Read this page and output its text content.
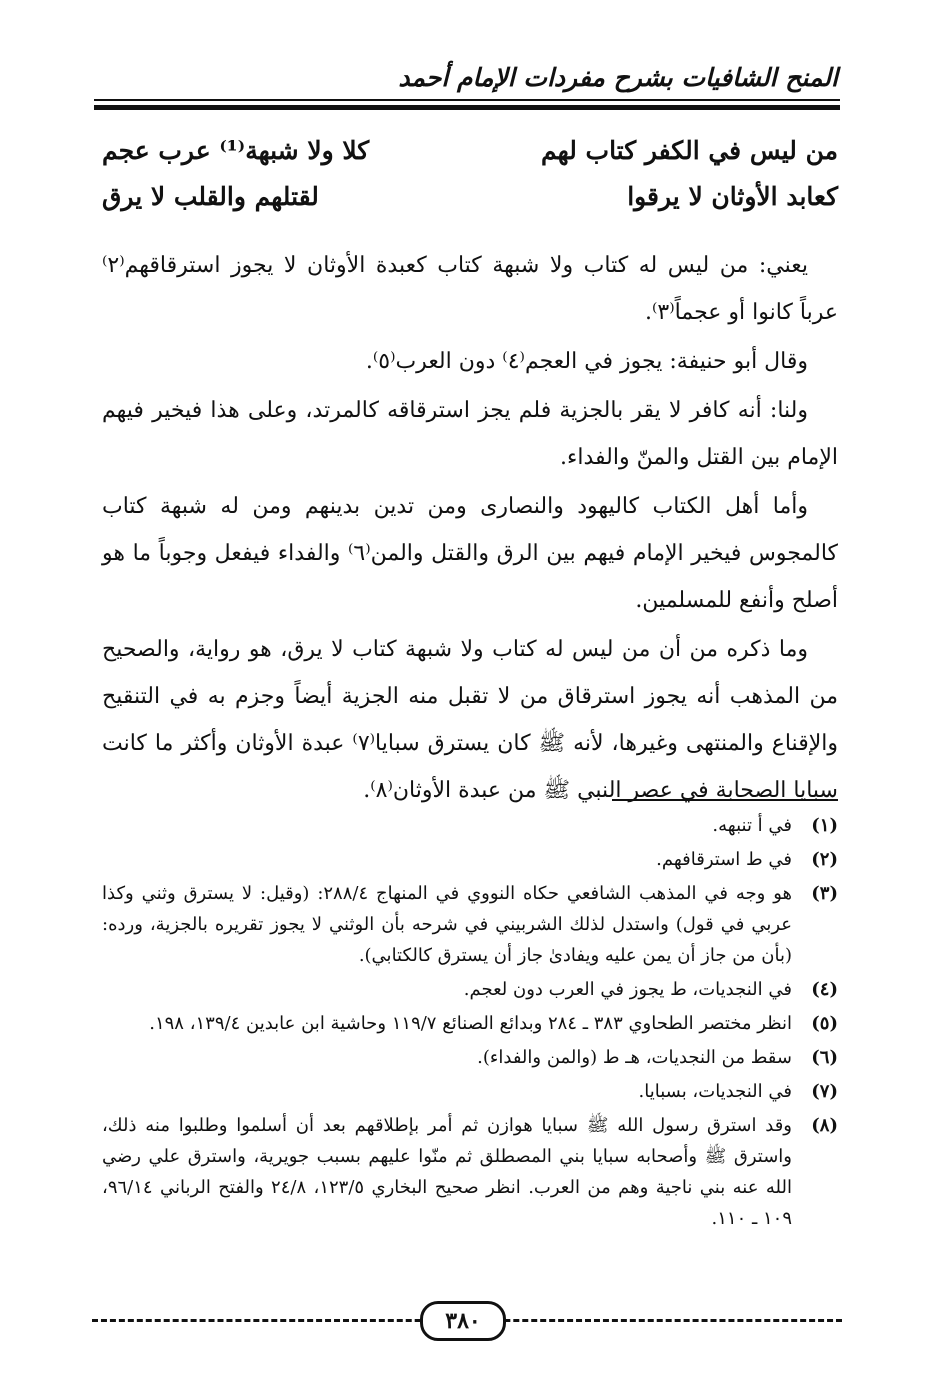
المنح الشافيات بشرح مفردات الإمام أحمد
من ليس في الكفر كتاب لهم
كلا ولا شبهة⁽¹⁾ عرب عجم
كعابد الأوثان لا يرقوا
لقتلهم والقلب لا يرق

يعني: من ليس له كتاب ولا شبهة كتاب كعبدة الأوثان لا يجوز استرقاقهم⁽٢⁾ عرباً كانوا أو عجماً⁽٣⁾.

وقال أبو حنيفة: يجوز في العجم⁽٤⁾ دون العرب⁽٥⁾.

ولنا: أنه كافر لا يقر بالجزية فلم يجز استرقاقه كالمرتد، وعلى هذا فيخير فيهم الإمام بين القتل والمنّ والفداء.

وأما أهل الكتاب كاليهود والنصارى ومن تدين بدينهم ومن له شبهة كتاب كالمجوس فيخير الإمام فيهم بين الرق والقتل والمن⁽٦⁾ والفداء فيفعل وجوباً ما هو أصلح وأنفع للمسلمين.

وما ذكره من أن من ليس له كتاب ولا شبهة كتاب لا يرق، هو رواية، والصحيح من المذهب أنه يجوز استرقاق من لا تقبل منه الجزية أيضاً وجزم به في التنقيح والإقناع والمنتهى وغيرها، لأنه ﷺ كان يسترق سبايا⁽٧⁾ عبدة الأوثان وأكثر ما كانت سبايا الصحابة في عصر النبي ﷺ من عبدة الأوثان⁽٨⁾.

(١)
في أ تنبهه.
(٢)
في ط استرقافهم.
(٣)
هو وجه في المذهب الشافعي حكاه النووي في المنهاج ٢٨٨/٤: (وقيل: لا يسترق وثني وكذا عربي في قول) واستدل لذلك الشربيني في شرحه بأن الوثني لا يجوز تقريره بالجزية، ورده: (بأن من جاز أن يمن عليه ويفادىٰ جاز أن يسترق كالكتابي).
(٤)
في النجديات، ط يجوز في العرب دون لعجم.
(٥)
انظر مختصر الطحاوي ٣٨٣ ـ ٢٨٤ وبدائع الصنائع ١١٩/٧ وحاشية ابن عابدين ١٣٩/٤، ١٩٨.
(٦)
سقط من النجديات، هـ ط (والمن والفداء).
(٧)
في النجديات، بسبايا.
(٨)
وقد استرق رسول الله ﷺ سبايا هوازن ثم أمر بإطلاقهم بعد أن أسلموا وطلبوا منه ذلك، واسترق ﷺ وأصحابه سبايا بني المصطلق ثم منّوا عليهم بسبب جويرية، واسترق علي رضي الله عنه بني ناجية وهم من العرب. انظر صحيح البخاري ١٢٣/٥، ٢٤/٨ والفتح الرباني ٩٦/١٤، ١٠٩ ـ ١١٠.
٣٨٠
